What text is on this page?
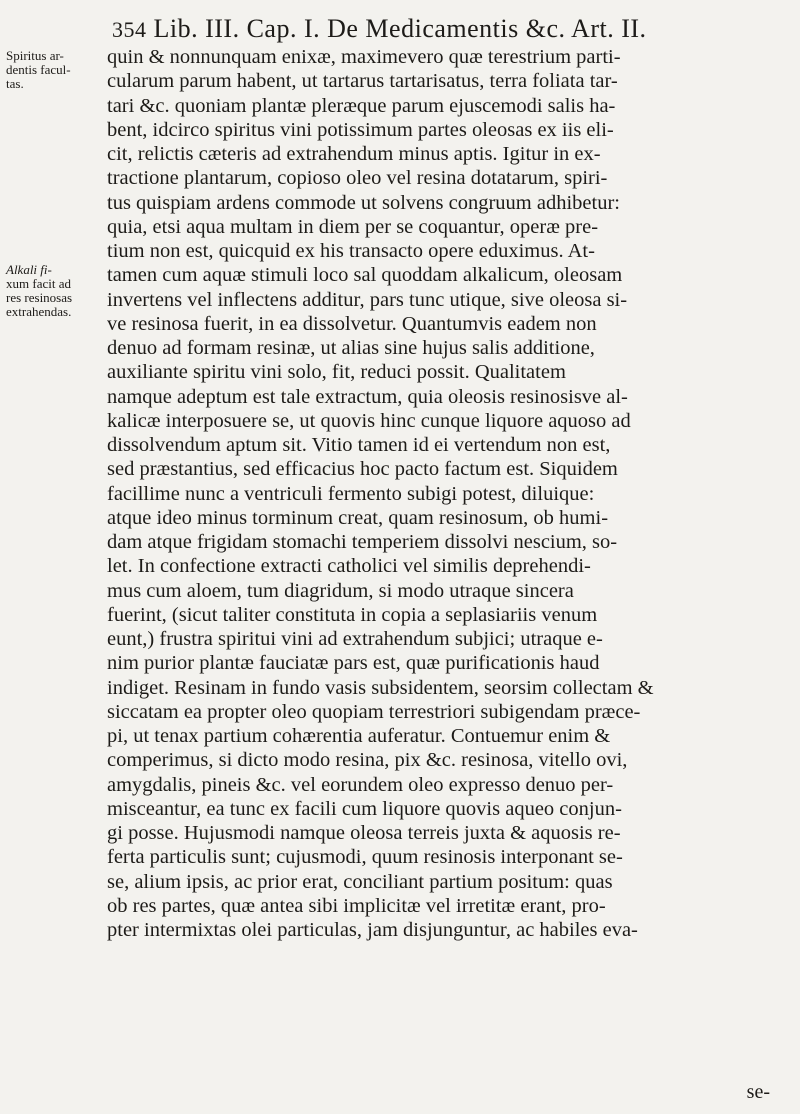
354 Lib. III. Cap. I. De Medicamentis &c. Art. II.
Spiritus ar-
dentis facul-
tas.
Alkali fi-
xum facit ad
res resinosas
extrahendas.
quin & nonnunquam enixæ, maximevero quæ terestrium parti-
cularum parum habent, ut tartarus tartarisatus, terra foliata tar-
tari &c. quoniam plantæ pleræque parum ejuscemodi salis ha-
bent, idcirco spiritus vini potissimum partes oleosas ex iis eli-
cit, relictis cæteris ad extrahendum minus aptis. Igitur in ex-
tractione plantarum, copioso oleo vel resina dotatarum, spiri-
tus quispiam ardens commode ut solvens congruum adhibetur:
quia, etsi aqua multam in diem per se coquantur, operæ pre-
tium non est, quicquid ex his transacto opere eduximus. At-
tamen cum aquæ stimuli loco sal quoddam alkalicum, oleosam
invertens vel inflectens additur, pars tunc utique, sive oleosa si-
ve resinosa fuerit, in ea dissolvetur. Quantumvis eadem non
denuo ad formam resinæ, ut alias sine hujus salis additione,
auxiliante spiritu vini solo, fit, reduci possit. Qualitatem
namque adeptum est tale extractum, quia oleosis resinosisve al-
kalicæ interposuere se, ut quovis hinc cunque liquore aquoso ad
dissolvendum aptum sit. Vitio tamen id ei vertendum non est,
sed præstantius, sed efficacius hoc pacto factum est. Siquidem
facillime nunc a ventriculi fermento subigi potest, diluique:
atque ideo minus torminum creat, quam resinosum, ob humi-
dam atque frigidam stomachi temperiem dissolvi nescium, so-
let. In confectione extracti catholici vel similis deprehendi-
mus cum aloem, tum diagridum, si modo utraque sincera
fuerint, (sicut taliter constituta in copia a seplasiariis venum
eunt,) frustra spiritui vini ad extrahendum subjici; utraque e-
nim purior plantæ fauciatæ pars est, quæ purificationis haud
indiget. Resinam in fundo vasis subsidentem, seorsim collectam &
siccatam ea propter oleo quopiam terrestriori subigendam præce-
pi, ut tenax partium cohærentia auferatur. Contuemur enim &
comperimus, si dicto modo resina, pix &c. resinosa, vitello ovi,
amygdalis, pineis &c. vel eorundem oleo expresso denuo per-
misceantur, ea tunc ex facili cum liquore quovis aqueo conjun-
gi posse. Hujusmodi namque oleosa terreis juxta & aquosis re-
ferta particulis sunt; cujusmodi, quum resinosis interponant se-
se, alium ipsis, ac prior erat, conciliant partium positum: quas
ob res partes, quæ antea sibi implicitæ vel irretitæ erant, pro-
pter intermixtas olei particulas, jam disjunguntur, ac habiles eva-
se-
